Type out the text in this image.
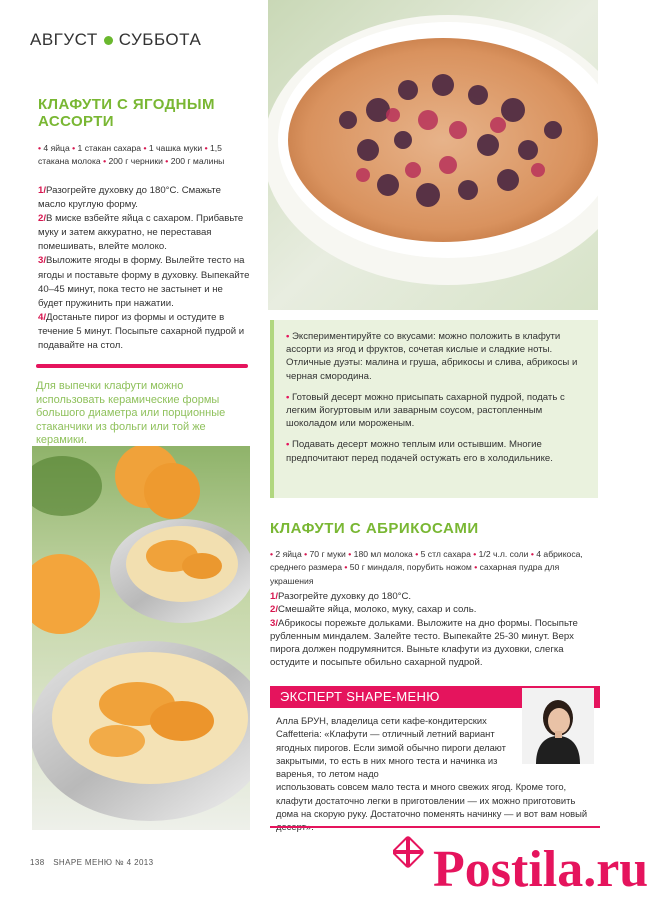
АВГУСТ СУББОТА
КЛАФУТИ С ЯГОДНЫМ АССОРТИ
• 4 яйца • 1 стакан сахара • 1 чашка муки • 1,5 стакана молока • 200 г черники • 200 г малины

1/Разогрейте духовку до 180°С. Смажьте масло круглую форму.

2/В миске взбейте яйца с сахаром. Прибавьте муку и затем аккуратно, не переставая помешивать, влейте молоко.

3/Выложите ягоды в форму. Вылейте тесто на ягоды и поставьте форму в духовку. Выпекайте 40–45 минут, пока тесто не застынет и не будет пружинить при нажатии.

4/Достаньте пирог из формы и остудите в течение 5 минут. Посыпьте сахарной пудрой и подавайте на стол.

Для выпечки клафути можно использовать керамические формы большого диаметра или порционные стаканчики из фольги или той же керамики.

• Экспериментируйте со вкусами: можно положить в клафути ассорти из ягод и фруктов, сочетая кислые и сладкие ноты. Отличные дуэты: малина и груша, абрикосы и слива, абрикосы и черная смородина.

• Готовый десерт можно присыпать сахарной пудрой, подать с легким йогуртовым или заварным соусом, растопленным шоколадом или мороженым.

• Подавать десерт можно теплым или остывшим. Многие предпочитают перед подачей остужать его в холодильнике.

КЛАФУТИ С АБРИКОСАМИ
• 2 яйца • 70 г муки • 180 мл молока • 5 стл сахара • 1/2 ч.л. соли • 4 абрикоса, среднего размера • 50 г миндаля, порубить ножом • сахарная пудра для украшения

1/Разогрейте духовку до 180°С.

2/Смешайте яйца, молоко, муку, сахар и соль.

3/Абрикосы порежьте дольками. Выложите на дно формы. Посыпьте рубленным миндалем. Залейте тесто. Выпекайте 25-30 минут. Верх пирога должен подрумянится. Выньте клафути из духовки, слегка остудите и посыпьте обильно сахарной пудрой.

ЭКСПЕРТ SHAPE-МЕНЮ
Алла БРУН, владелица сети кафе-кондитерских Caffetteria: «Клафути — отличный летний вариант ягодных пирогов. Если зимой обычно пироги делают закрытыми, то есть в них много теста и начинка из варенья, то летом надо
использовать совсем мало теста и много свежих ягод. Кроме того, клафути достаточно легки в приготовлении — их можно приготовить дома на скорую руку. Достаточно поменять начинку — и вот вам новый
138 SHAPE МЕНЮ № 4 2013	Postila.ru
